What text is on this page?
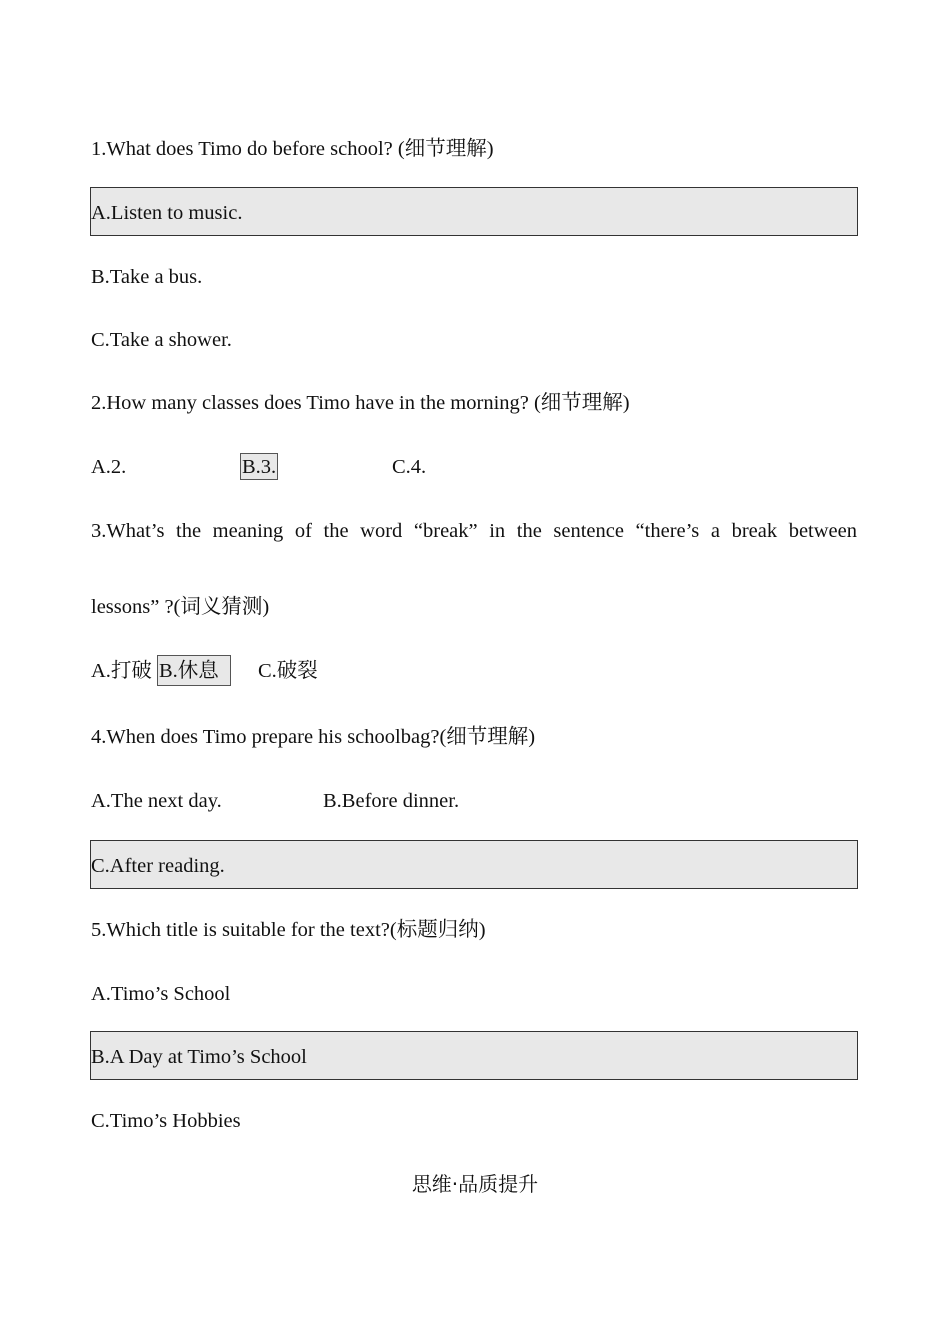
1.What does Timo do before school? (细节理解)
A.Listen to music.
B.Take a bus.
C.Take a shower.
2.How many classes does Timo have in the morning? (细节理解)
A.2.	B.3.	C.4.
3.What’s the meaning of the word “break” in the sentence “there’s a break between
lessons” ?(词义猜测)
A.打破 B.休息	C.破裂
4.When does Timo prepare his schoolbag?(细节理解)
A.The next day.	B.Before dinner.
C.After reading.
5.Which title is suitable for the text?(标题归纳)
A.Timo’s School
B.A Day at Timo’s School
C.Timo’s Hobbies
思维·品质提升
